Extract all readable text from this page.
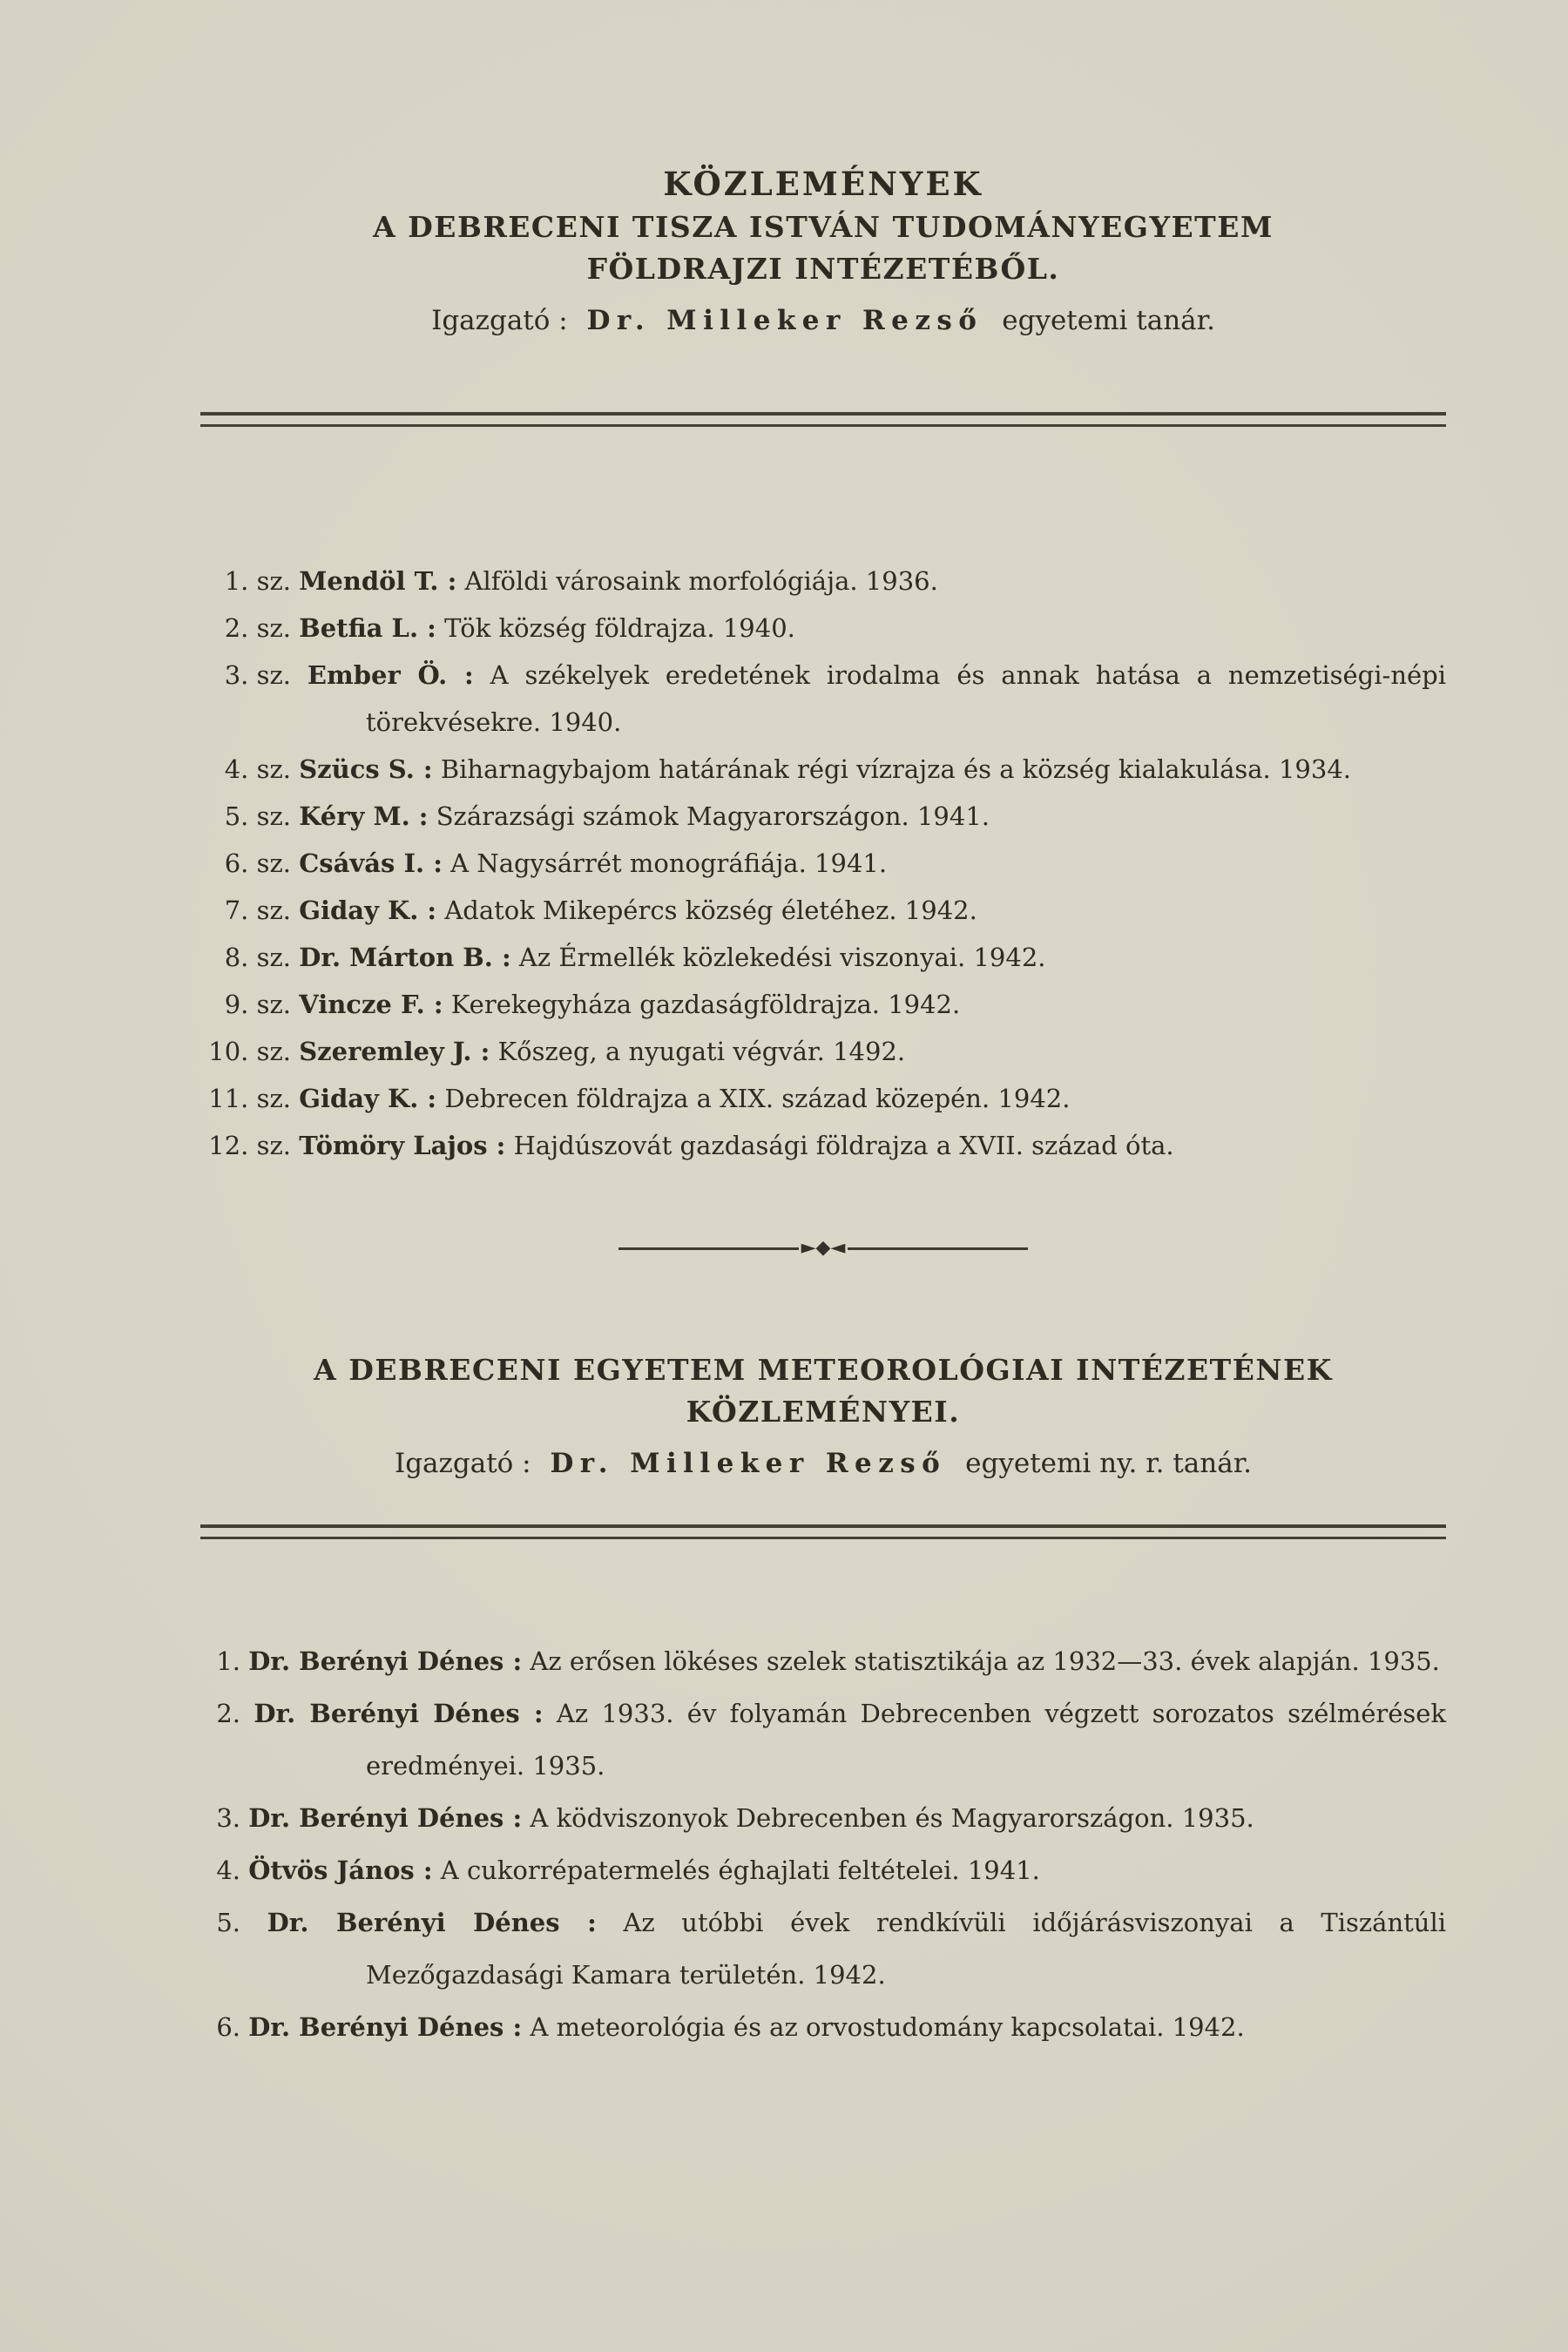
KÖZLEMÉNYEK
A DEBRECENI TISZA ISTVÁN TUDOMÁNYEGYETEM
FÖLDRAJZI INTÉZETÉBŐL.
Igazgató : Dr. Milleker Rezső egyetemi tanár.

1. sz. Mendöl T. : Alföldi városaink morfológiája. 1936.

2. sz. Betfia L. : Tök község földrajza. 1940.

3. sz. Ember Ö. : A székelyek eredetének irodalma és annak hatása a nemzetiségi-népi törekvésekre. 1940.

4. sz. Szücs S. : Biharnagybajom határának régi vízrajza és a község kialakulása. 1934.

5. sz. Kéry M. : Szárazsági számok Magyarországon. 1941.

6. sz. Csávás I. : A Nagysárrét monográfiája. 1941.

7. sz. Giday K. : Adatok Mikepércs község életéhez. 1942.

8. sz. Dr. Márton B. : Az Érmellék közlekedési viszonyai. 1942.

9. sz. Vincze F. : Kerekegyháza gazdaságföldrajza. 1942.

10. sz. Szeremley J. : Kőszeg, a nyugati végvár. 1492.

11. sz. Giday K. : Debrecen földrajza a XIX. század közepén. 1942.

12. sz. Tömöry Lajos : Hajdúszovát gazdasági földrajza a XVII. század óta.

►◆◄
A DEBRECENI EGYETEM METEOROLÓGIAI INTÉZETÉNEK
KÖZLEMÉNYEI.
Igazgató : Dr. Milleker Rezső egyetemi ny. r. tanár.

1. Dr. Berényi Dénes : Az erősen lökéses szelek statisztikája az 1932—33. évek alapján. 1935.

2. Dr. Berényi Dénes : Az 1933. év folyamán Debrecenben végzett sorozatos szélmérések eredményei. 1935.

3. Dr. Berényi Dénes : A ködviszonyok Debrecenben és Magyarországon. 1935.

4. Ötvös János : A cukorrépatermelés éghajlati feltételei. 1941.

5. Dr. Berényi Dénes : Az utóbbi évek rendkívüli időjárásviszonyai a Tiszántúli Mezőgazdasági Kamara területén. 1942.

6. Dr. Berényi Dénes : A meteorológia és az orvostudomány kapcsolatai. 1942.
